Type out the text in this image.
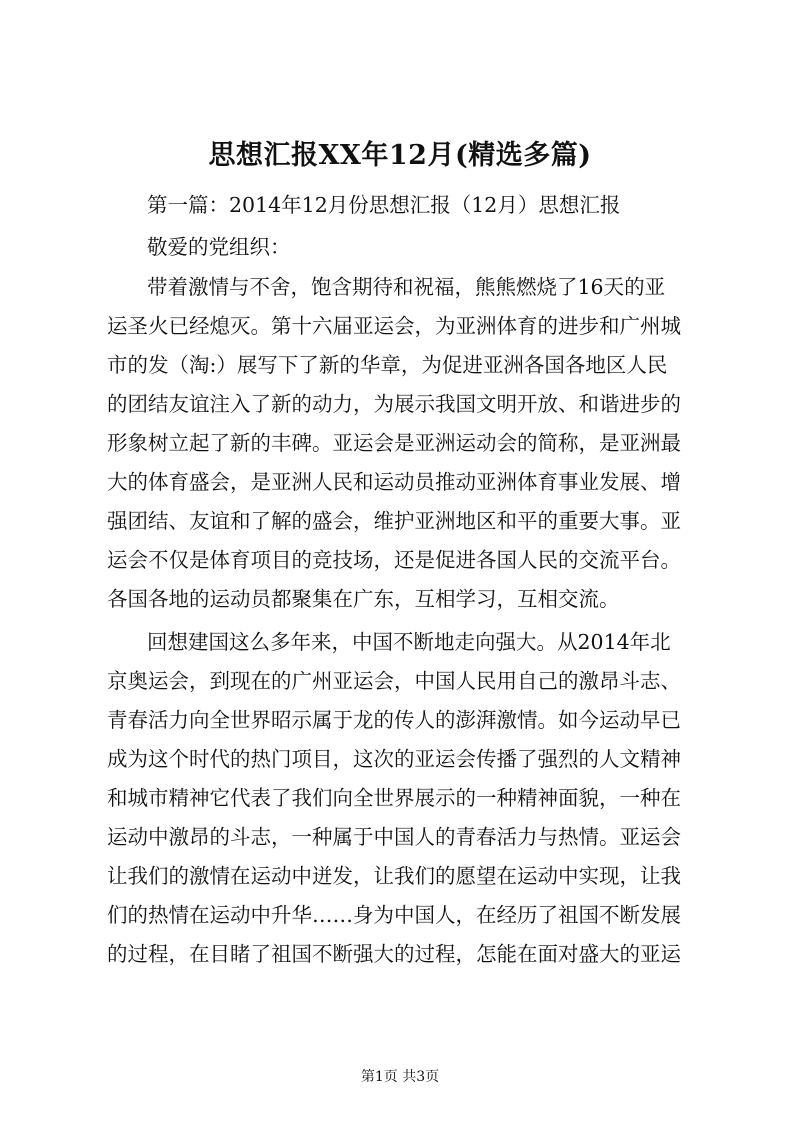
思想汇报XX年12月(精选多篇)

第一篇：2014年12月份思想汇报（12月）思想汇报

敬爱的党组织：

带着激情与不舍，饱含期待和祝福，熊熊燃烧了16天的亚

运圣火已经熄灭。第十六届亚运会，为亚洲体育的进步和广州城

市的发（淘:）展写下了新的华章，为促进亚洲各国各地区人民

的团结友谊注入了新的动力，为展示我国文明开放、和谐进步的

形象树立起了新的丰碑。亚运会是亚洲运动会的简称，是亚洲最

大的体育盛会，是亚洲人民和运动员推动亚洲体育事业发展、增

强团结、友谊和了解的盛会，维护亚洲地区和平的重要大事。亚

运会不仅是体育项目的竞技场，还是促进各国人民的交流平台。

各国各地的运动员都聚集在广东，互相学习，互相交流。

回想建国这么多年来，中国不断地走向强大。从2014年北

京奥运会，到现在的广州亚运会，中国人民用自己的激昂斗志、

青春活力向全世界昭示属于龙的传人的澎湃激情。如今运动早已

成为这个时代的热门项目，这次的亚运会传播了强烈的人文精神

和城市精神它代表了我们向全世界展示的一种精神面貌，一种在

运动中激昂的斗志，一种属于中国人的青春活力与热情。亚运会

让我们的激情在运动中迸发，让我们的愿望在运动中实现，让我

们的热情在运动中升华……身为中国人，在经历了祖国不断发展

的过程，在目睹了祖国不断强大的过程，怎能在面对盛大的亚运

第1页 共3页
